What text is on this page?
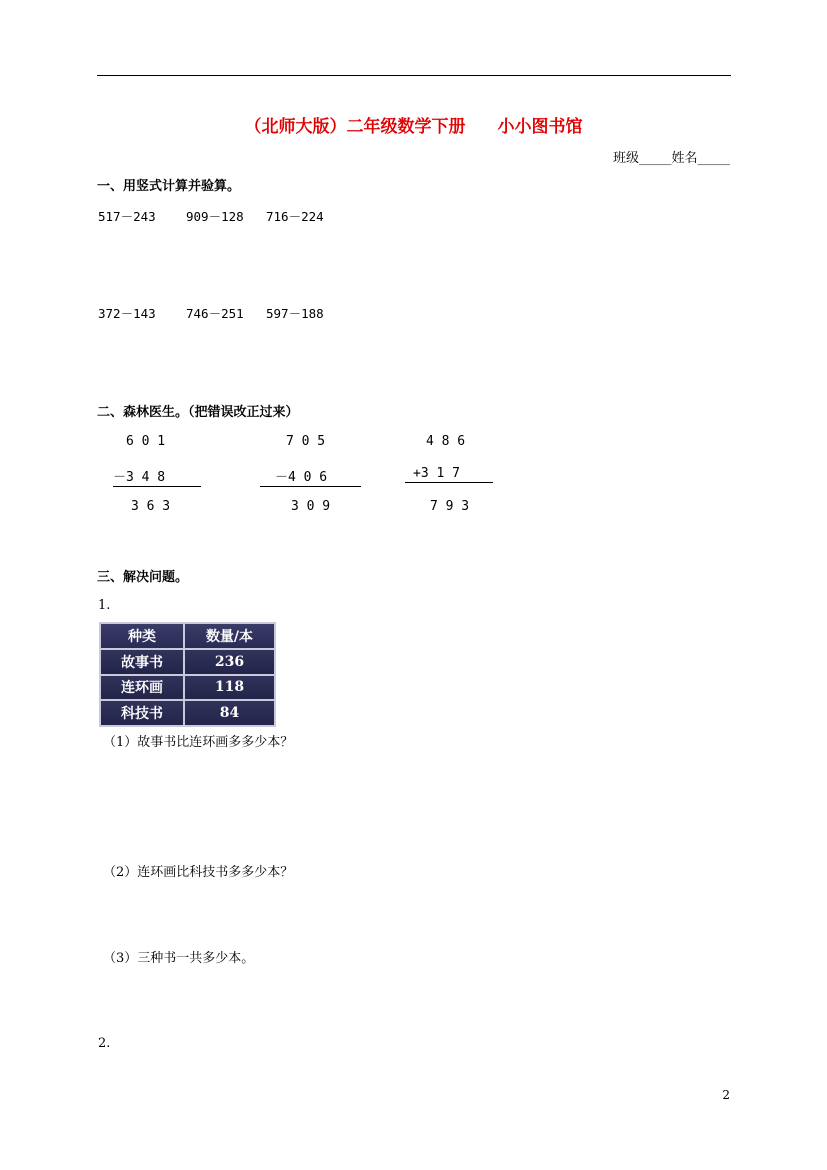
（北师大版）二年级数学下册 小小图书馆
班级_____姓名_____
一、用竖式计算并验算。
517－243 909－128 716－224
372－143 746－251 597－188
二、森林医生。（把错误改正过来）
6 0 1
－3 4 8
3 6 3
7 0 5
－4 0 6
3 0 9
4 8 6
+3 1 7
7 9 3
三、解决问题。
1.
种类	数量/本
故事书	236
连环画	118
科技书	84
（1）故事书比连环画多多少本？
（2）连环画比科技书多多少本？
（3）三种书一共多少本。
2.
2
